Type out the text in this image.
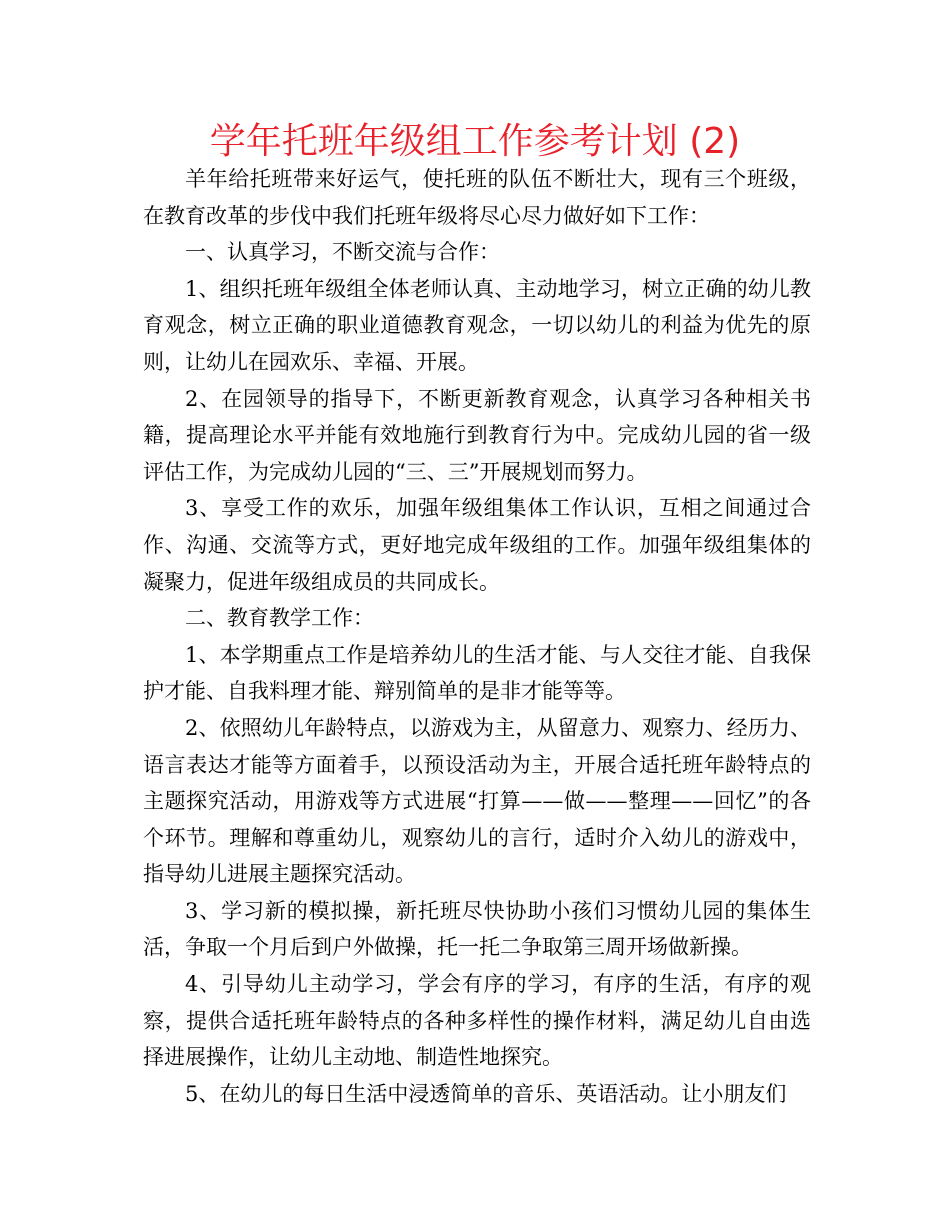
学年托班年级组工作参考计划 (2)

羊年给托班带来好运气，使托班的队伍不断壮大，现有三个班级，在教育改革的步伐中我们托班年级将尽心尽力做好如下工作：

一、认真学习，不断交流与合作：

1、组织托班年级组全体老师认真、主动地学习，树立正确的幼儿教育观念，树立正确的职业道德教育观念，一切以幼儿的利益为优先的原则，让幼儿在园欢乐、幸福、开展。

2、在园领导的指导下，不断更新教育观念，认真学习各种相关书籍，提高理论水平并能有效地施行到教育行为中。完成幼儿园的省一级评估工作，为完成幼儿园的“三、三”开展规划而努力。

3、享受工作的欢乐，加强年级组集体工作认识，互相之间通过合作、沟通、交流等方式，更好地完成年级组的工作。加强年级组集体的凝聚力，促进年级组成员的共同成长。

二、教育教学工作：

1、本学期重点工作是培养幼儿的生活才能、与人交往才能、自我保护才能、自我料理才能、辩别简单的是非才能等等。

2、依照幼儿年龄特点，以游戏为主，从留意力、观察力、经历力、语言表达才能等方面着手，以预设活动为主，开展合适托班年龄特点的主题探究活动，用游戏等方式进展“打算——做——整理——回忆”的各个环节。理解和尊重幼儿，观察幼儿的言行，适时介入幼儿的游戏中，指导幼儿进展主题探究活动。

3、学习新的模拟操，新托班尽快协助小孩们习惯幼儿园的集体生活，争取一个月后到户外做操，托一托二争取第三周开场做新操。

4、引导幼儿主动学习，学会有序的学习，有序的生活，有序的观察，提供合适托班年龄特点的各种多样性的操作材料，满足幼儿自由选择进展操作，让幼儿主动地、制造性地探究。

5、在幼儿的每日生活中浸透简单的音乐、英语活动。让小朋友们
